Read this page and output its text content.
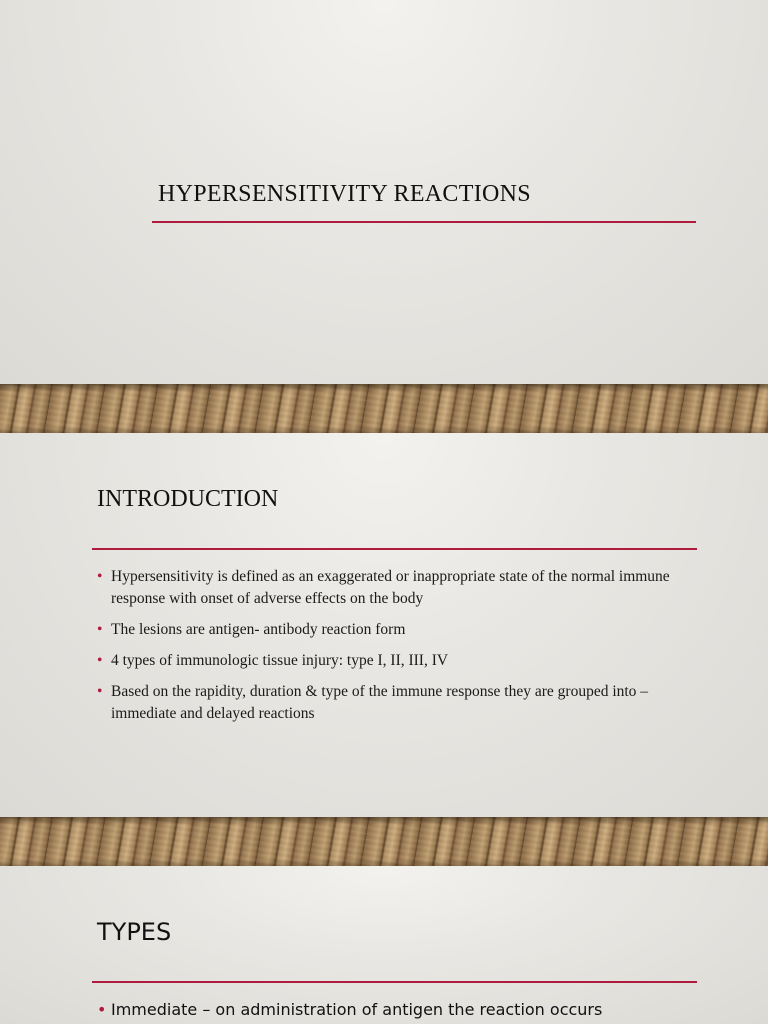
HYPERSENSITIVITY REACTIONS
INTRODUCTION
• Hypersensitivity is defined as an exaggerated or inappropriate state of the normal immune response with onset of adverse effects on the body
• The lesions are antigen- antibody reaction form
• 4 types of immunologic tissue injury: type I, II, III, IV
• Based on the rapidity, duration & type of the immune response they are grouped into – immediate and delayed reactions
TYPES
• Immediate – on administration of antigen the reaction occurs
